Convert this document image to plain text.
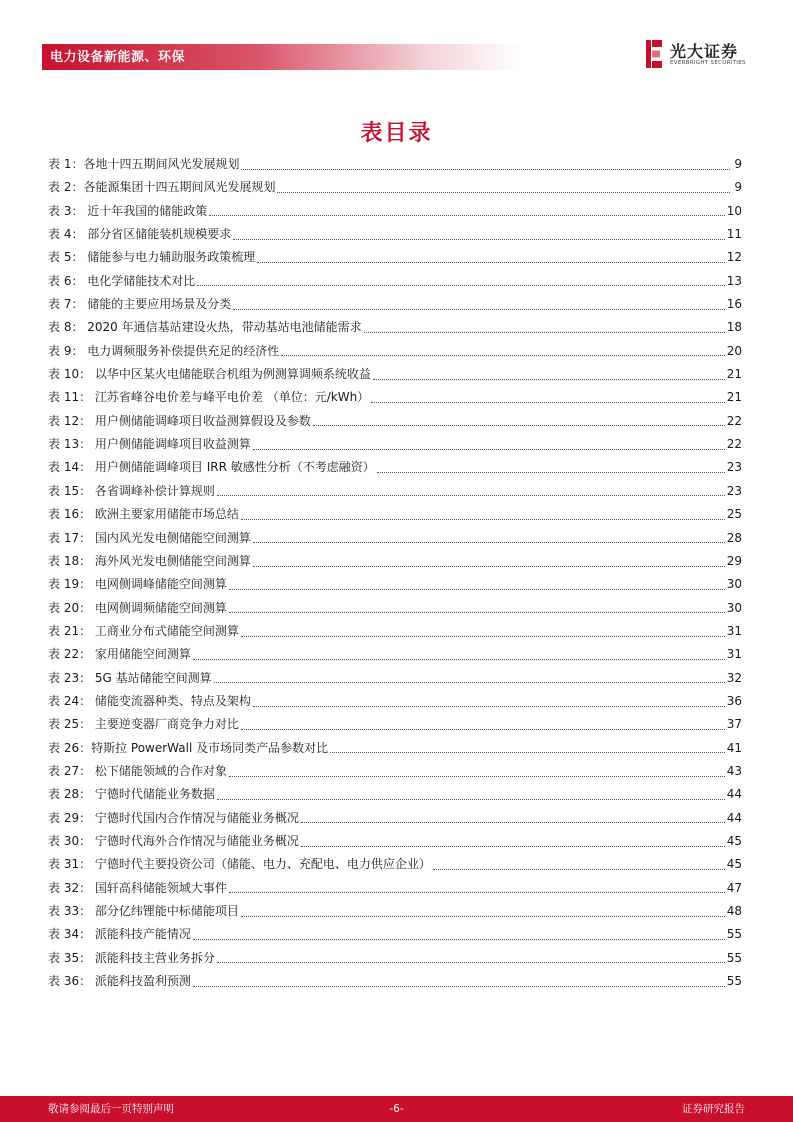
电力设备新能源、环保	光大证券
EVERBRIGHT SECURITIES
表目录
表 1：各地十四五期间风光发展规划	9
表 2：各能源集团十四五期间风光发展规划	9
表 3： 近十年我国的储能政策	10
表 4： 部分省区储能装机规模要求	11
表 5： 储能参与电力辅助服务政策梳理	12
表 6： 电化学储能技术对比	13
表 7： 储能的主要应用场景及分类	16
表 8： 2020 年通信基站建设火热，带动基站电池储能需求	18
表 9： 电力调频服务补偿提供充足的经济性	20
表 10： 以华中区某火电储能联合机组为例测算调频系统收益	21
表 11： 江苏省峰谷电价差与峰平电价差 （单位：元/kWh）	21
表 12： 用户侧储能调峰项目收益测算假设及参数	22
表 13： 用户侧储能调峰项目收益测算	22
表 14： 用户侧储能调峰项目 IRR 敏感性分析（不考虑融资）	23
表 15： 各省调峰补偿计算规则	23
表 16： 欧洲主要家用储能市场总结	25
表 17： 国内风光发电侧储能空间测算	28
表 18： 海外风光发电侧储能空间测算	29
表 19： 电网侧调峰储能空间测算	30
表 20： 电网侧调频储能空间测算	30
表 21： 工商业分布式储能空间测算	31
表 22： 家用储能空间测算	31
表 23： 5G 基站储能空间测算	32
表 24： 储能变流器种类、特点及架构	36
表 25： 主要逆变器厂商竞争力对比	37
表 26：特斯拉 PowerWall 及市场同类产品参数对比	41
表 27： 松下储能领域的合作对象	43
表 28： 宁德时代储能业务数据	44
表 29： 宁德时代国内合作情况与储能业务概况	44
表 30： 宁德时代海外合作情况与储能业务概况	45
表 31： 宁德时代主要投资公司（储能、电力、充配电、电力供应企业）	45
表 32： 国轩高科储能领域大事件	47
表 33： 部分亿纬锂能中标储能项目	48
表 34： 派能科技产能情况	55
表 35： 派能科技主营业务拆分	55
表 36： 派能科技盈利预测	55
敬请参阅最后一页特别声明	-6-	证券研究报告
